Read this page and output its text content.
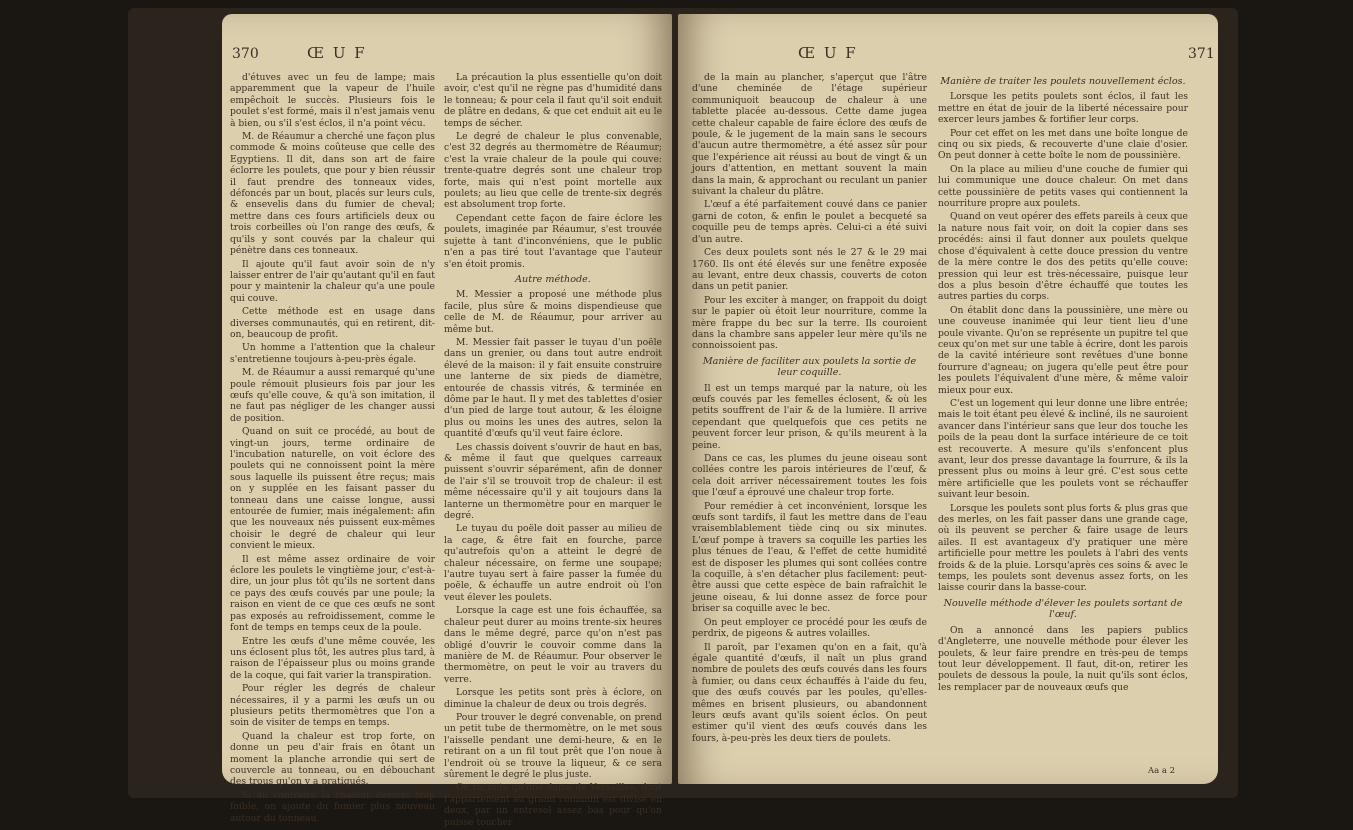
370	Œ U F

d'étuves avec un feu de lampe; mais apparemment que la vapeur de l'huile empêchoit le succès. Plusieurs fois le poulet s'est formé, mais il n'est jamais venu à bien, ou s'il s'est éclos, il n'a point vécu.

M. de Réaumur a cherché une façon plus commode & moins coûteuse que celle des Egyptiens. Il dit, dans son art de faire éclorre les poulets, que pour y bien réussir il faut prendre des tonneaux vides, défoncés par un bout, placés sur leurs culs, & ensevelis dans du fumier de cheval; mettre dans ces fours artificiels deux ou trois corbeilles où l'on range des œufs, & qu'ils y sont couvés par la chaleur qui pénètre dans ces tonneaux.

Il ajoute qu'il faut avoir soin de n'y laisser entrer de l'air qu'autant qu'il en faut pour y maintenir la chaleur qu'a une poule qui couve.

Cette méthode est en usage dans diverses communautés, qui en retirent, dit-on, beaucoup de profit.

Un homme a l'attention que la chaleur s'entretienne toujours à-peu-près égale.

M. de Réaumur a aussi remarqué qu'une poule rémouit plusieurs fois par jour les œufs qu'elle couve, & qu'à son imitation, il ne faut pas négliger de les changer aussi de position.

Quand on suit ce procédé, au bout de vingt-un jours, terme ordinaire de l'incubation naturelle, on voit éclore des poulets qui ne connoissent point la mère sous laquelle ils puissent être reçus; mais on y supplée en les faisant passer du tonneau dans une caisse longue, aussi entourée de fumier, mais inégalement: afin que les nouveaux nés puissent eux-mêmes choisir le degré de chaleur qui leur convient le mieux.

Il est même assez ordinaire de voir éclore les poulets le vingtième jour, c'est-à-dire, un jour plus tôt qu'ils ne sortent dans ce pays des œufs couvés par une poule; la raison en vient de ce que ces œufs ne sont pas exposés au refroidissement, comme le font de temps en temps ceux de la poule.

Entre les œufs d'une même couvée, les uns éclosent plus tôt, les autres plus tard, à raison de l'épaisseur plus ou moins grande de la coque, qui fait varier la transpiration.

Pour régler les degrés de chaleur nécessaires, il y a parmi les œufs un ou plusieurs petits thermomètres que l'on a soin de visiter de temps en temps.

Quand la chaleur est trop forte, on donne un peu d'air frais en ôtant un moment la planche arrondie qui sert de couvercle au tonneau, ou en débouchant des trous qu'on y a pratiqués.

Si au contraire la chaleur devient trop foible, on ajoute du fumier plus nouveau autour du tonneau.

La précaution la plus essentielle qu'on doit avoir, c'est qu'il ne règne pas d'humidité dans le tonneau; & pour cela il faut qu'il soit enduit de plâtre en dedans, & que cet enduit ait eu le temps de sécher.

Le degré de chaleur le plus convenable, c'est 32 degrés au thermomètre de Réaumur; c'est la vraie chaleur de la poule qui couve: trente-quatre degrés sont une chaleur trop forte, mais qui n'est point mortelle aux poulets; au lieu que celle de trente-six degrés est absolument trop forte.

Cependant cette façon de faire éclore les poulets, imaginée par Réaumur, s'est trouvée sujette à tant d'inconvéniens, que le public n'en a pas tiré tout l'avantage que l'auteur s'en étoit promis.

Autre méthode.

M. Messier a proposé une méthode plus facile, plus sûre & moins dispendieuse que celle de M. de Réaumur, pour arriver au même but.

M. Messier fait passer le tuyau d'un poële dans un grenier, ou dans tout autre endroit élevé de la maison: il y fait ensuite construire une lanterne de six pieds de diamètre, entourée de chassis vitrés, & terminée en dôme par le haut. Il y met des tablettes d'osier d'un pied de large tout autour, & les éloigne plus ou moins les unes des autres, selon la quantité d'œufs qu'il veut faire éclore.

Les chassis doivent s'ouvrir de haut en bas, & même il faut que quelques carreaux puissent s'ouvrir séparément, afin de donner de l'air s'il se trouvoit trop de chaleur: il est même nécessaire qu'il y ait toujours dans la lanterne un thermomètre pour en marquer le degré.

Le tuyau du poële doit passer au milieu de la cage, & être fait en fourche, parce qu'autrefois qu'on a atteint le degré de chaleur nécessaire, on ferme une soupape; l'autre tuyau sert à faire passer la fumée du poële, & échauffe un autre endroit où l'on veut élever les poulets.

Lorsque la cage est une fois échauffée, sa chaleur peut durer au moins trente-six heures dans le même degré, parce qu'on n'est pas obligé d'ouvrir le couvoir comme dans la manière de M. de Réaumur. Pour observer le thermomètre, on peut le voir au travers du verre.

Lorsque les petits sont près à éclore, on diminue la chaleur de deux ou trois degrés.

Pour trouver le degré convenable, on prend un petit tube de thermomètre, on le met sous l'aisselle pendant une demi-heure, & en le retirant on a un fil tout prêt que l'on noue à l'endroit où se trouve la liqueur, & ce sera sûrement le degré le plus juste.

On raconte qu'une dame de Versailles, dont l'appartement au grand commun est divisé en deux, par un entresol assez bas pour qu'on puisse toucher

Œ U F	371

de la main au plancher, s'aperçut que l'âtre d'une cheminée de l'étage supérieur communiquoit beaucoup de chaleur à une tablette placée au-dessous. Cette dame jugea cette chaleur capable de faire éclore des œufs de poule, & le jugement de la main sans le secours d'aucun autre thermomètre, a été assez sûr pour que l'expérience ait réussi au bout de vingt & un jours d'attention, en mettant souvent la main dans la main, & approchant ou reculant un panier suivant la chaleur du plâtre.

L'œuf a été parfaitement couvé dans ce panier garni de coton, & enfin le poulet a becqueté sa coquille peu de temps après. Celui-ci a été suivi d'un autre.

Ces deux poulets sont nés le 27 & le 29 mai 1760. Ils ont été élevés sur une fenêtre exposée au levant, entre deux chassis, couverts de coton dans un petit panier.

Pour les exciter à manger, on frappoit du doigt sur le papier où étoit leur nourriture, comme la mère frappe du bec sur la terre. Ils couroient dans la chambre sans appeler leur mère qu'ils ne connoissoient pas.

Manière de faciliter aux poulets la sortie de leur coquille.

Il est un temps marqué par la nature, où les œufs couvés par les femelles éclosent, & où les petits souffrent de l'air & de la lumière. Il arrive cependant que quelquefois que ces petits ne peuvent forcer leur prison, & qu'ils meurent à la peine.

Dans ce cas, les plumes du jeune oiseau sont collées contre les parois intérieures de l'œuf, & cela doit arriver nécessairement toutes les fois que l'œuf a éprouvé une chaleur trop forte.

Pour remédier à cet inconvénient, lorsque les œufs sont tardifs, il faut les mettre dans de l'eau vraisemblablement tiède cinq ou six minutes. L'œuf pompe à travers sa coquille les parties les plus ténues de l'eau, & l'effet de cette humidité est de disposer les plumes qui sont collées contre la coquille, à s'en détacher plus facilement: peut-être aussi que cette espèce de bain rafraîchit le jeune oiseau, & lui donne assez de force pour briser sa coquille avec le bec.

On peut employer ce procédé pour les œufs de perdrix, de pigeons & autres volailles.

Il paroît, par l'examen qu'on en a fait, qu'à égale quantité d'œufs, il naît un plus grand nombre de poulets des œufs couvés dans les fours à fumier, ou dans ceux échauffés à l'aide du feu, que des œufs couvés par les poules, qu'elles-mêmes en brisent plusieurs, ou abandonnent leurs œufs avant qu'ils soient éclos. On peut estimer qu'il vient des œufs couvés dans les fours, à-peu-près les deux tiers de poulets.

Manière de traiter les poulets nouvellement éclos.

Lorsque les petits poulets sont éclos, il faut les mettre en état de jouir de la liberté nécessaire pour exercer leurs jambes & fortifier leur corps.

Pour cet effet on les met dans une boîte longue de cinq ou six pieds, & recouverte d'une claie d'osier. On peut donner à cette boîte le nom de poussinière.

On la place au milieu d'une couche de fumier qui lui communique une douce chaleur. On met dans cette poussinière de petits vases qui contiennent la nourriture propre aux poulets.

Quand on veut opérer des effets pareils à ceux que la nature nous fait voir, on doit la copier dans ses procédés: ainsi il faut donner aux poulets quelque chose d'équivalent à cette douce pression du ventre de la mère contre le dos des petits qu'elle couve: pression qui leur est très-nécessaire, puisque leur dos a plus besoin d'être échauffé que toutes les autres parties du corps.

On établit donc dans la poussinière, une mère ou une couveuse inanimée qui leur tient lieu d'une poule vivante. Qu'on se représente un pupitre tel que ceux qu'on met sur une table à écrire, dont les parois de la cavité intérieure sont revêtues d'une bonne fourrure d'agneau; on jugera qu'elle peut être pour les poulets l'équivalent d'une mère, & même valoir mieux pour eux.

C'est un logement qui leur donne une libre entrée; mais le toit étant peu élevé & incliné, ils ne sauroient avancer dans l'intérieur sans que leur dos touche les poils de la peau dont la surface intérieure de ce toit est recouverte. A mesure qu'ils s'enfoncent plus avant, leur dos presse davantage la fourrure, & ils la pressent plus ou moins à leur gré. C'est sous cette mère artificielle que les poulets vont se réchauffer suivant leur besoin.

Lorsque les poulets sont plus forts & plus gras que des merles, on les fait passer dans une grande cage, où ils peuvent se percher & faire usage de leurs ailes. Il est avantageux d'y pratiquer une mère artificielle pour mettre les poulets à l'abri des vents froids & de la pluie. Lorsqu'après ces soins & avec le temps, les poulets sont devenus assez forts, on les laisse courir dans la basse-cour.

Nouvelle méthode d'élever les poulets sortant de l'œuf.

On a annoncé dans les papiers publics d'Angleterre, une nouvelle méthode pour élever les poulets, & leur faire prendre en très-peu de temps tout leur développement. Il faut, dit-on, retirer les poulets de dessous la poule, la nuit qu'ils sont éclos, les remplacer par de nouveaux œufs que

Aa a 2
